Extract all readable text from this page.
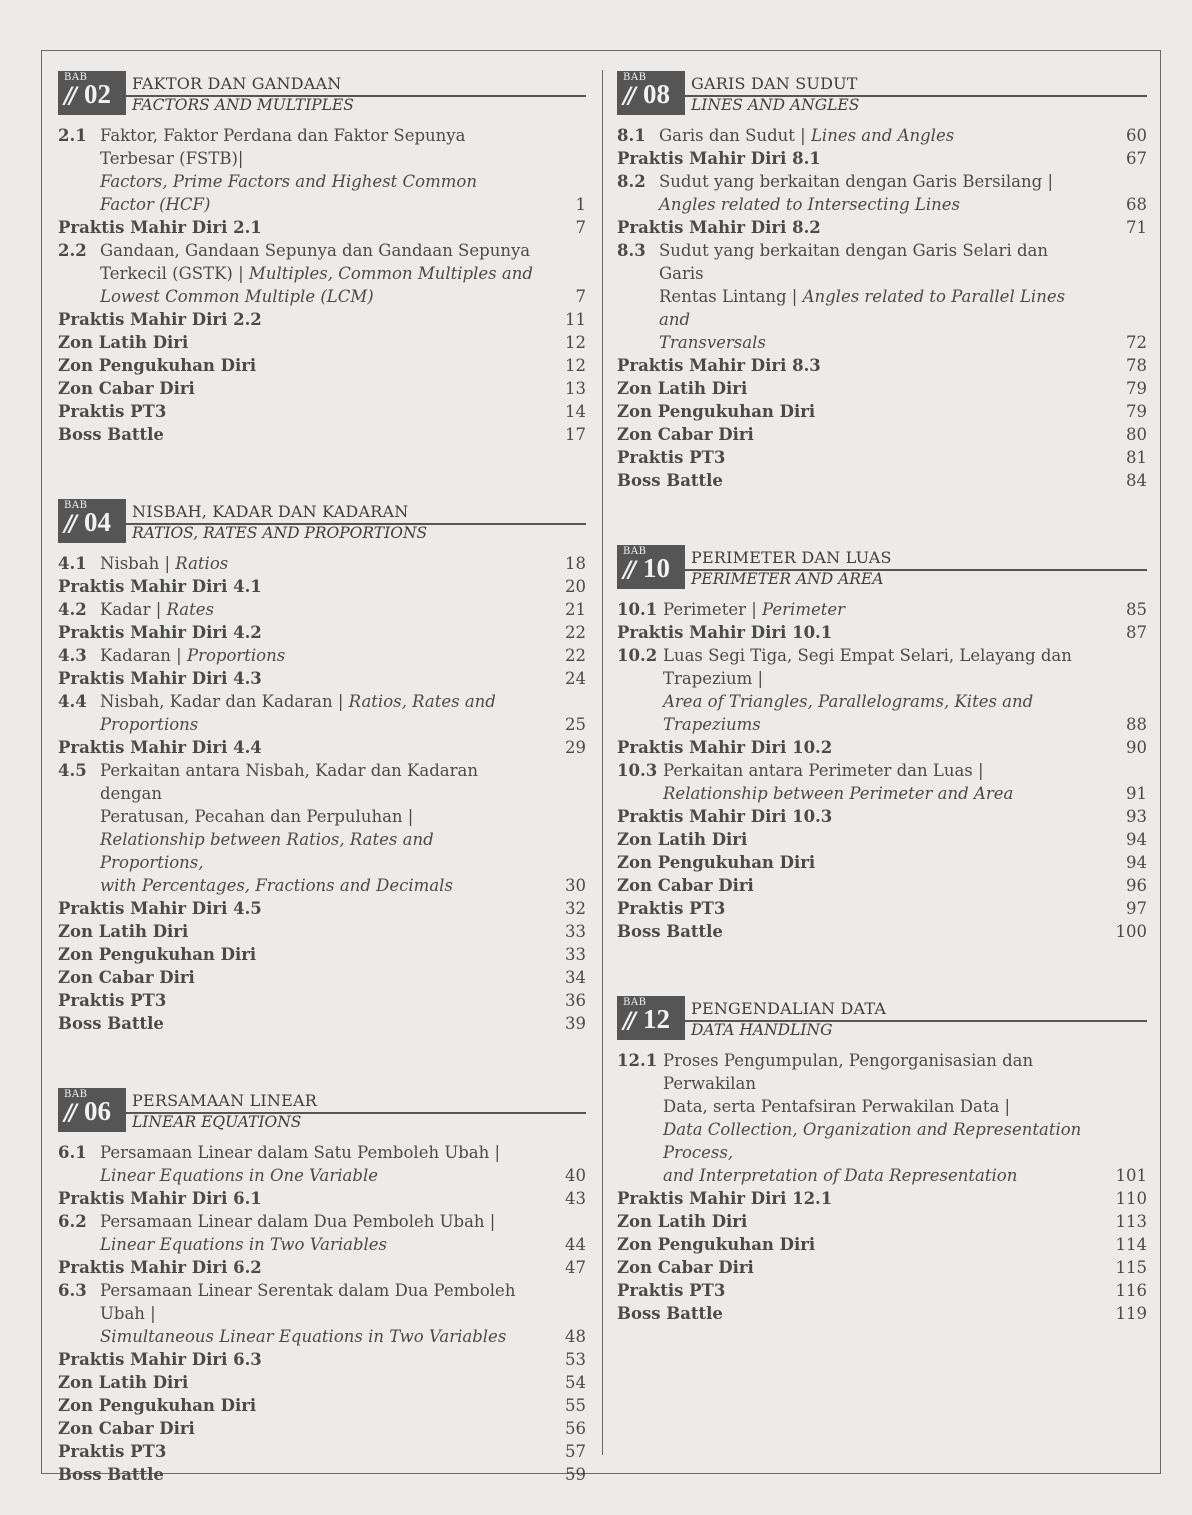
BAB
// 02 FAKTOR DAN GANDAAN
FACTORS AND MULTIPLES
2.1 Faktor, Faktor Perdana dan Faktor Sepunya Terbesar (FSTB)|
Factors, Prime Factors and Highest Common Factor (HCF)	1
Praktis Mahir Diri 2.1	7
2.2 Gandaan, Gandaan Sepunya dan Gandaan Sepunya
Terkecil (GSTK) | Multiples, Common Multiples and
Lowest Common Multiple (LCM)	7
Praktis Mahir Diri 2.2	11
Zon Latih Diri	12
Zon Pengukuhan Diri	12
Zon Cabar Diri	13
Praktis PT3	14
Boss Battle	17
BAB
// 04 NISBAH, KADAR DAN KADARAN
RATIOS, RATES AND PROPORTIONS
4.1 Nisbah | Ratios	18
Praktis Mahir Diri 4.1	20
4.2 Kadar | Rates	21
Praktis Mahir Diri 4.2	22
4.3 Kadaran | Proportions	22
Praktis Mahir Diri 4.3	24
4.4 Nisbah, Kadar dan Kadaran | Ratios, Rates and Proportions	25
Praktis Mahir Diri 4.4	29
4.5 Perkaitan antara Nisbah, Kadar dan Kadaran dengan
Peratusan, Pecahan dan Perpuluhan |
Relationship between Ratios, Rates and Proportions,
with Percentages, Fractions and Decimals	30
Praktis Mahir Diri 4.5	32
Zon Latih Diri	33
Zon Pengukuhan Diri	33
Zon Cabar Diri	34
Praktis PT3	36
Boss Battle	39
BAB
// 06 PERSAMAAN LINEAR
LINEAR EQUATIONS
6.1 Persamaan Linear dalam Satu Pemboleh Ubah |
Linear Equations in One Variable	40
Praktis Mahir Diri 6.1	43
6.2 Persamaan Linear dalam Dua Pemboleh Ubah |
Linear Equations in Two Variables	44
Praktis Mahir Diri 6.2	47
6.3 Persamaan Linear Serentak dalam Dua Pemboleh Ubah |
Simultaneous Linear Equations in Two Variables	48
Praktis Mahir Diri 6.3	53
Zon Latih Diri	54
Zon Pengukuhan Diri	55
Zon Cabar Diri	56
Praktis PT3	57
Boss Battle	59
BAB
// 08 GARIS DAN SUDUT
LINES AND ANGLES
8.1 Garis dan Sudut | Lines and Angles	60
Praktis Mahir Diri 8.1	67
8.2 Sudut yang berkaitan dengan Garis Bersilang |
Angles related to Intersecting Lines	68
Praktis Mahir Diri 8.2	71
8.3 Sudut yang berkaitan dengan Garis Selari dan Garis
Rentas Lintang | Angles related to Parallel Lines and
Transversals	72
Praktis Mahir Diri 8.3	78
Zon Latih Diri	79
Zon Pengukuhan Diri	79
Zon Cabar Diri	80
Praktis PT3	81
Boss Battle	84
BAB
// 10 PERIMETER DAN LUAS
PERIMETER AND AREA
10.1 Perimeter | Perimeter	85
Praktis Mahir Diri 10.1	87
10.2 Luas Segi Tiga, Segi Empat Selari, Lelayang dan Trapezium |
Area of Triangles, Parallelograms, Kites and Trapeziums	88
Praktis Mahir Diri 10.2	90
10.3 Perkaitan antara Perimeter dan Luas |
Relationship between Perimeter and Area	91
Praktis Mahir Diri 10.3	93
Zon Latih Diri	94
Zon Pengukuhan Diri	94
Zon Cabar Diri	96
Praktis PT3	97
Boss Battle	100
BAB
// 12 PENGENDALIAN DATA
DATA HANDLING
12.1 Proses Pengumpulan, Pengorganisasian dan Perwakilan
Data, serta Pentafsiran Perwakilan Data |
Data Collection, Organization and Representation Process,
and Interpretation of Data Representation	101
Praktis Mahir Diri 12.1	110
Zon Latih Diri	113
Zon Pengukuhan Diri	114
Zon Cabar Diri	115
Praktis PT3	116
Boss Battle	119
